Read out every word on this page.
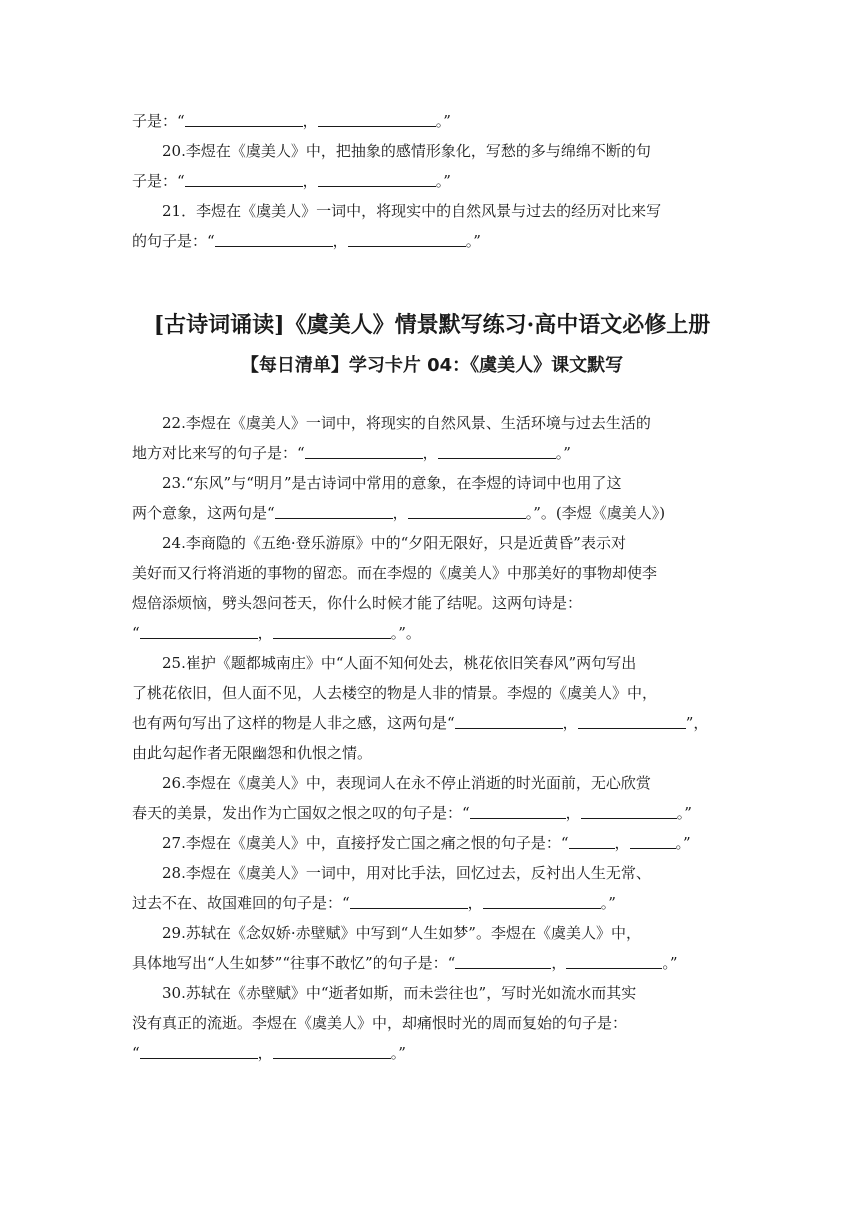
子是：“	，	。”
20.李煜在《虞美人》中，把抽象的感情形象化，写愁的多与绵绵不断的句
子是：“	，	。”
21．李煜在《虞美人》一词中，将现实中的自然风景与过去的经历对比来写
的句子是：“	，	。”
[古诗词诵读]《虞美人》情景默写练习·高中语文必修上册
【每日清单】学习卡片 04：《虞美人》课文默写
22.李煜在《虞美人》一词中，将现实的自然风景、生活环境与过去生活的
地方对比来写的句子是：“	，	。”
23.“东风”与“明月”是古诗词中常用的意象，在李煜的诗词中也用了这
两个意象，这两句是“	，	。”。(李煜《虞美人》)
24.李商隐的《五绝·登乐游原》中的“夕阳无限好，只是近黄昏”表示对
美好而又行将消逝的事物的留恋。而在李煜的《虞美人》中那美好的事物却使李
煜倍添烦恼，劈头怨问苍天，你什么时候才能了结呢。这两句诗是：
“	，	。”。
25.崔护《题都城南庄》中“人面不知何处去，桃花依旧笑春风”两句写出
了桃花依旧，但人面不见，人去楼空的物是人非的情景。李煜的《虞美人》中，
也有两句写出了这样的物是人非之感，这两句是“	，	”，
由此勾起作者无限幽怨和仇恨之情。
26.李煜在《虞美人》中，表现词人在永不停止消逝的时光面前，无心欣赏
春天的美景，发出作为亡国奴之恨之叹的句子是：“	，	。”
27.李煜在《虞美人》中，直接抒发亡国之痛之恨的句子是：“	，	。”
28.李煜在《虞美人》一词中，用对比手法，回忆过去，反衬出人生无常、
过去不在、故国难回的句子是：“	，	。”
29.苏轼在《念奴娇·赤壁赋》中写到“人生如梦”。李煜在《虞美人》中，
具体地写出“人生如梦”“往事不敢忆”的句子是：“	，	。”
30.苏轼在《赤壁赋》中“逝者如斯，而未尝往也”，写时光如流水而其实
没有真正的流逝。李煜在《虞美人》中，却痛恨时光的周而复始的句子是：
“	，	。”
